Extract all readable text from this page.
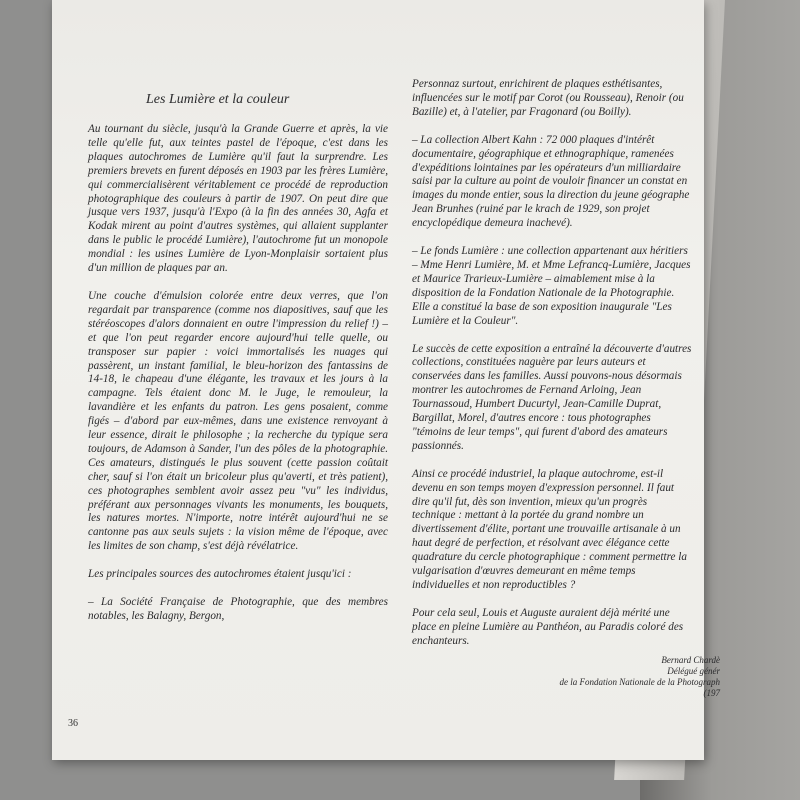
Les Lumière et la couleur

Au tournant du siècle, jusqu'à la Grande Guerre et après, la vie telle qu'elle fut, aux teintes pastel de l'époque, c'est dans les plaques autochromes de Lumière qu'il faut la surprendre. Les premiers brevets en furent déposés en 1903 par les frères Lumière, qui commercialisèrent véritablement ce procédé de reproduction photographique des couleurs à partir de 1907. On peut dire que jusque vers 1937, jusqu'à l'Expo (à la fin des années 30, Agfa et Kodak mirent au point d'autres systèmes, qui allaient supplanter dans le public le procédé Lumière), l'autochrome fut un monopole mondial : les usines Lumière de Lyon-Monplaisir sortaient plus d'un million de plaques par an.

Une couche d'émulsion colorée entre deux verres, que l'on regardait par transparence (comme nos diapositives, sauf que les stéréoscopes d'alors donnaient en outre l'impression du relief !) – et que l'on peut regarder encore aujourd'hui telle quelle, ou transposer sur papier : voici immortalisés les nuages qui passèrent, un instant familial, le bleu-horizon des fantassins de 14-18, le chapeau d'une élégante, les travaux et les jours à la campagne. Tels étaient donc M. le Juge, le remouleur, la lavandière et les enfants du patron. Les gens posaient, comme figés – d'abord par eux-mêmes, dans une existence renvoyant à leur essence, dirait le philosophe ; la recherche du typique sera toujours, de Adamson à Sander, l'un des pôles de la photographie. Ces amateurs, distingués le plus souvent (cette passion coûtait cher, sauf si l'on était un bricoleur plus qu'averti, et très patient), ces photographes semblent avoir assez peu "vu" les individus, préférant aux personnages vivants les monuments, les bouquets, les natures mortes. N'importe, notre intérêt aujourd'hui ne se cantonne pas aux seuls sujets : la vision même de l'époque, avec les limites de son champ, s'est déjà révélatrice.

Les principales sources des autochromes étaient jusqu'ici :

– La Société Française de Photographie, que des membres notables, les Balagny, Bergon,

Personnaz surtout, enrichirent de plaques esthétisantes, influencées sur le motif par Corot (ou Rousseau), Renoir (ou Bazille) et, à l'atelier, par Fragonard (ou Boilly).

– La collection Albert Kahn : 72 000 plaques d'intérêt documentaire, géographique et ethnographique, ramenées d'expéditions lointaines par les opérateurs d'un milliardaire saisi par la culture au point de vouloir financer un constat en images du monde entier, sous la direction du jeune géographe Jean Brunhes (ruiné par le krach de 1929, son projet encyclopédique demeura inachevé).

– Le fonds Lumière : une collection appartenant aux héritiers – Mme Henri Lumière, M. et Mme Lefrancq-Lumière, Jacques et Maurice Trarieux-Lumière – aimablement mise à la disposition de la Fondation Nationale de la Photographie. Elle a constitué la base de son exposition inaugurale "Les Lumière et la Couleur".

Le succès de cette exposition a entraîné la découverte d'autres collections, constituées naguère par leurs auteurs et conservées dans les familles. Aussi pouvons-nous désormais montrer les autochromes de Fernand Arloing, Jean Tournassoud, Humbert Ducurtyl, Jean-Camille Duprat, Bargillat, Morel, d'autres encore : tous photographes "témoins de leur temps", qui furent d'abord des amateurs passionnés.

Ainsi ce procédé industriel, la plaque autochrome, est-il devenu en son temps moyen d'expression personnel. Il faut dire qu'il fut, dès son invention, mieux qu'un progrès technique : mettant à la portée du grand nombre un divertissement d'élite, portant une trouvaille artisanale à un haut degré de perfection, et résolvant avec élégance cette quadrature du cercle photographique : comment permettre la vulgarisation d'œuvres demeurant en même temps individuelles et non reproductibles ?

Pour cela seul, Louis et Auguste auraient déjà mérité une place en pleine Lumière au Panthéon, au Paradis coloré des enchanteurs.

Bernard Chardè
Délégué génér
de la Fondation Nationale de la Photograph
(197
36
